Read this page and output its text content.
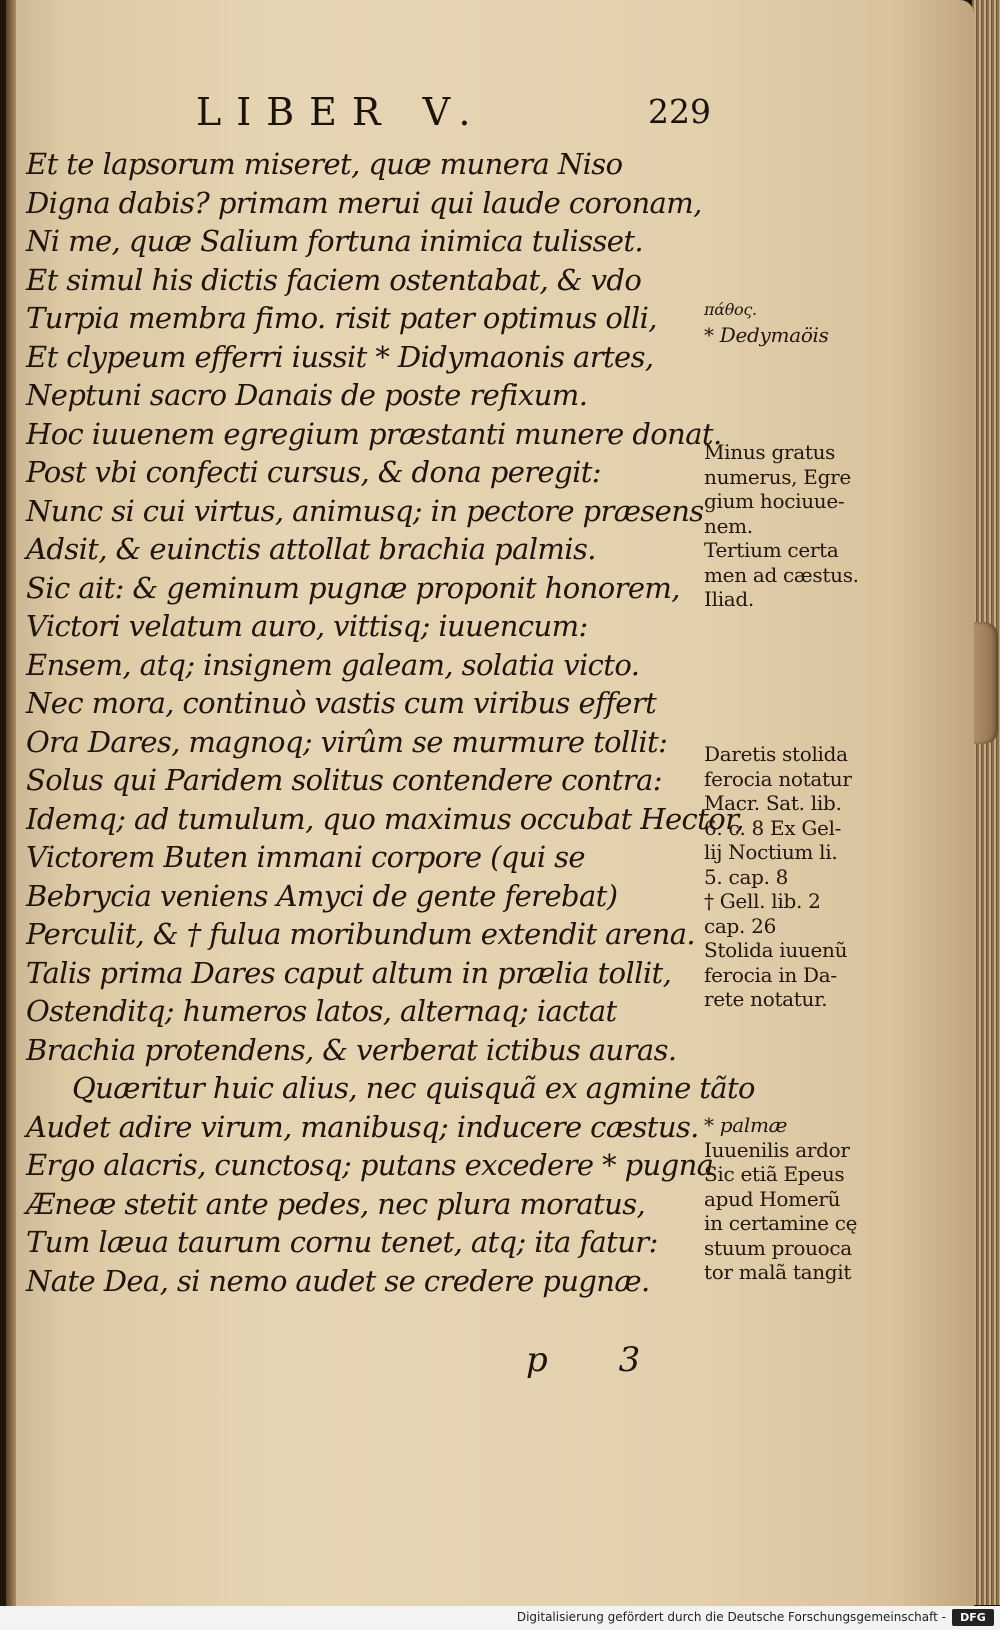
LIBER V.	229
Et te lapsorum miseret, quæ munera Niso
Digna dabis? primam merui qui laude coronam,
Ni me, quæ Salium fortuna inimica tulisset.
Et simul his dictis faciem ostentabat, & vdo
Turpia membra fimo. risit pater optimus olli,
Et clypeum efferri iussit * Didymaonis artes,
Neptuni sacro Danais de poste refixum.
Hoc iuuenem egregium præstanti munere donat.
Post vbi confecti cursus, & dona peregit:
Nunc si cui virtus, animusq; in pectore præsens
Adsit, & euinctis attollat brachia palmis.
Sic ait: & geminum pugnæ proponit honorem,
Victori velatum auro, vittisq; iuuencum:
Ensem, atq; insignem galeam, solatia victo.
Nec mora, continuò vastis cum viribus effert
Ora Dares, magnoq; virûm se murmure tollit:
Solus qui Paridem solitus contendere contra:
Idemq; ad tumulum, quo maximus occubat Hector,
Victorem Buten immani corpore (qui se
Bebrycia veniens Amyci de gente ferebat)
Perculit, & † fulua moribundum extendit arena.
Talis prima Dares caput altum in prælia tollit,
Ostenditq; humeros latos, alternaq; iactat
Brachia protendens, & verberat ictibus auras.
Quæritur huic alius, nec quisquã ex agmine tãto
Audet adire virum, manibusq; inducere cæstus.
Ergo alacris, cunctosq; putans excedere * pugna
Æneæ stetit ante pedes, nec plura moratus,
Tum læua taurum cornu tenet, atq; ita fatur:
Nate Dea, si nemo audet se credere pugnæ.
πάθος.
* Dedymaöis
Minus gratus
numerus, Egre
gium hociuue-
nem.
Tertium certa
men ad cæstus.
Iliad.
Daretis stolida
ferocia notatur
Macr. Sat. lib.
6. c. 8 Ex Gel-
lij Noctium li.
5. cap. 8
† Gell. lib. 2
cap. 26
Stolida iuuenũ
ferocia in Da-
rete notatur.
* palmæ
Iuuenilis ardor
Sic etiã Epeus
apud Homerũ
in certamine cę
stuum prouoca
tor malã tangit
p 3
Digitalisierung gefördert durch die Deutsche Forschungsgemeinschaft -	DFG
